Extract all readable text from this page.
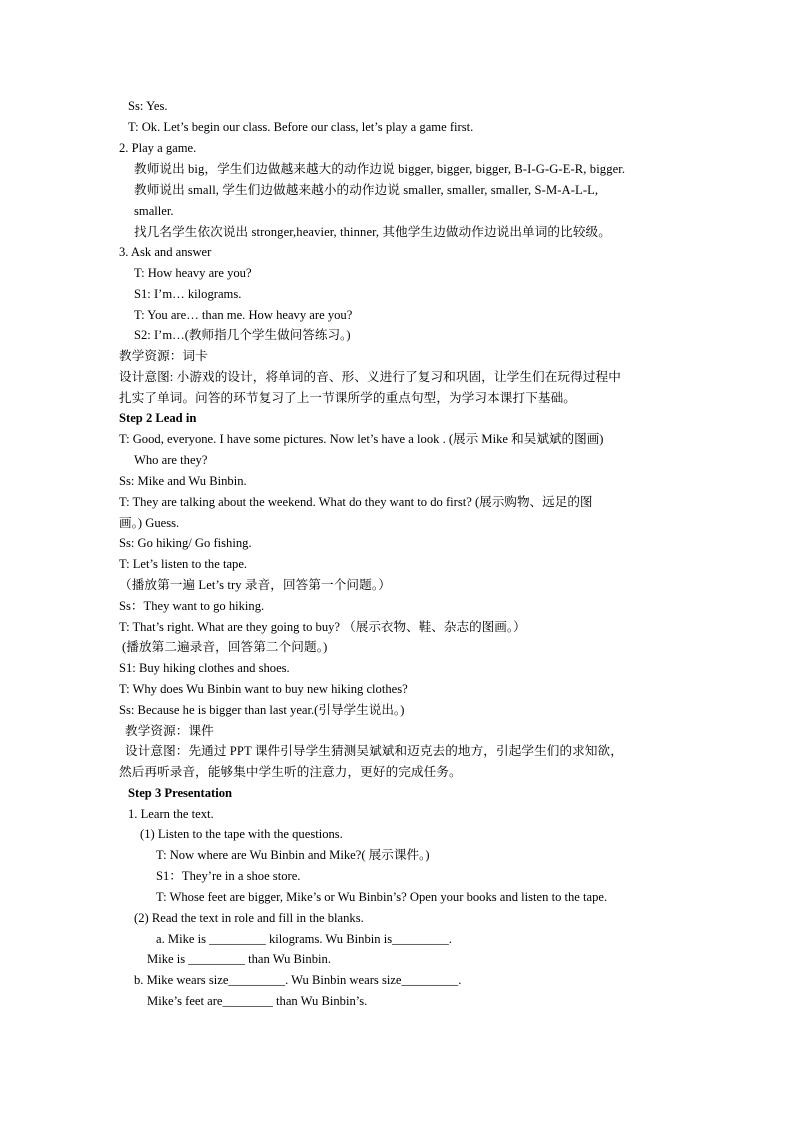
Ss: Yes.
T: Ok. Let’s begin our class. Before our class, let’s play a game first.
2. Play a game.
教师说出 big，学生们边做越来越大的动作边说 bigger, bigger, bigger, B-I-G-G-E-R, bigger.
教师说出 small, 学生们边做越来越小的动作边说 smaller, smaller, smaller, S-M-A-L-L,
smaller.
找几名学生依次说出 stronger,heavier, thinner, 其他学生边做动作边说出单词的比较级。
3. Ask and answer
T: How heavy are you?
S1: I’m… kilograms.
T: You are… than me. How heavy are you?
S2: I’m…(教师指几个学生做问答练习。)
教学资源：词卡
设计意图: 小游戏的设计，将单词的音、形、义进行了复习和巩固，让学生们在玩得过程中
扎实了单词。问答的环节复习了上一节课所学的重点句型，为学习本课打下基础。
Step 2 Lead in
T: Good, everyone. I have some pictures. Now let’s have a look . (展示 Mike 和吴斌斌的图画)
Who are they?
Ss: Mike and Wu Binbin.
T: They are talking about the weekend. What do they want to do first? (展示购物、远足的图
画。) Guess.
Ss: Go hiking/ Go fishing.
T: Let’s listen to the tape.
（播放第一遍 Let’s try 录音，回答第一个问题。）
Ss：They want to go hiking.
T: That’s right. What are they going to buy? （展示衣物、鞋、杂志的图画。）
(播放第二遍录音，回答第二个问题。)
S1: Buy hiking clothes and shoes.
T: Why does Wu Binbin want to buy new hiking clothes?
Ss: Because he is bigger than last year.(引导学生说出。)
教学资源：课件
设计意图：先通过 PPT 课件引导学生猜测吴斌斌和迈克去的地方，引起学生们的求知欲，
然后再听录音，能够集中学生听的注意力，更好的完成任务。
Step 3 Presentation
1. Learn the text.
(1) Listen to the tape with the questions.
T: Now where are Wu Binbin and Mike?( 展示课件。)
S1：They’re in a shoe store.
T: Whose feet are bigger, Mike’s or Wu Binbin’s? Open your books and listen to the tape.
(2) Read the text in role and fill in the blanks.
a. Mike is _________ kilograms. Wu Binbin is_________.
Mike is _________ than Wu Binbin.
b. Mike wears size_________. Wu Binbin wears size_________.
Mike’s feet are________ than Wu Binbin’s.
